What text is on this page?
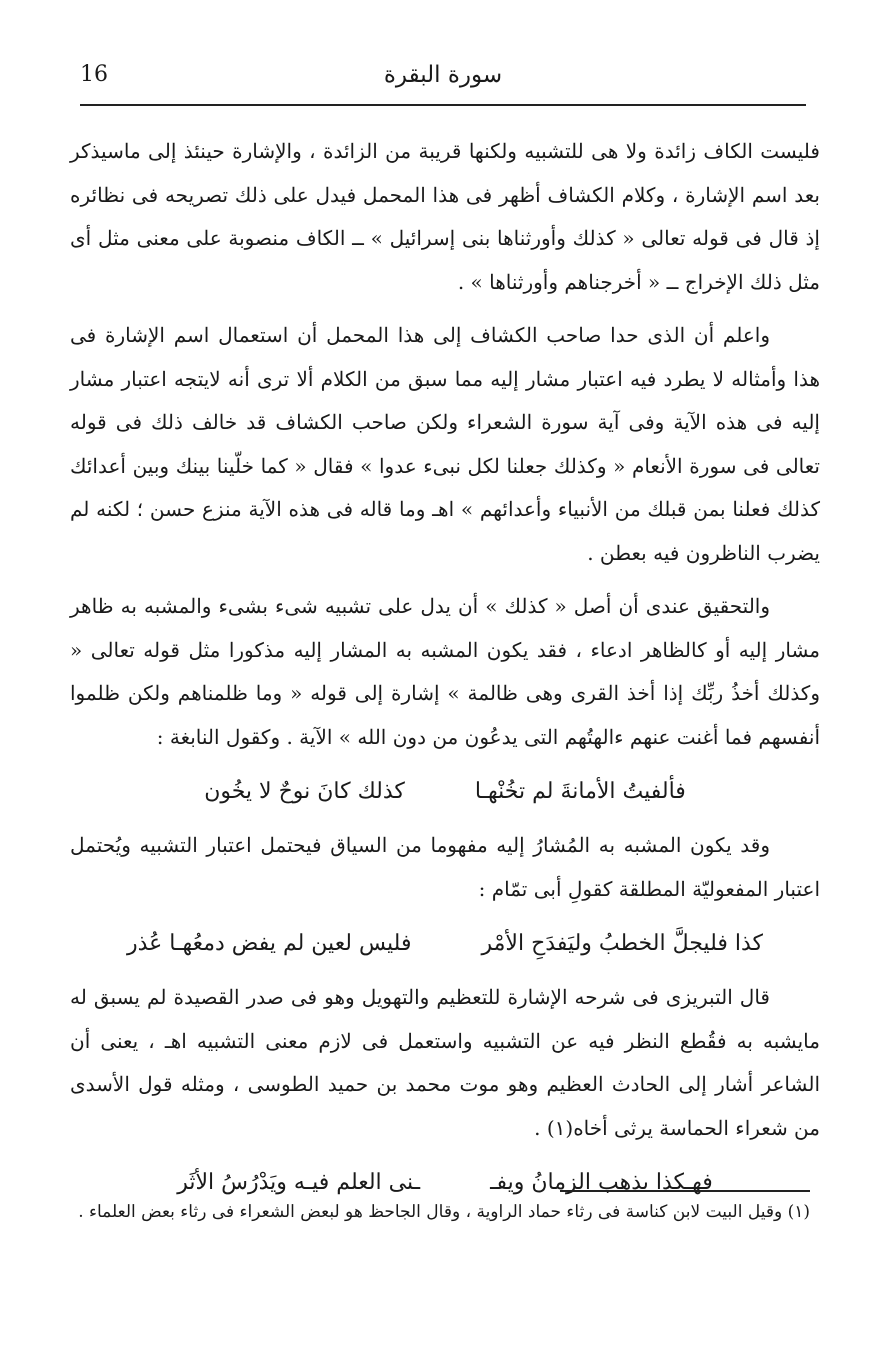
16	سورة البقرة

فليست الكاف زائدة ولا هى للتشبيه ولكنها قريبة من الزائدة ، والإشارة حينئذ إلى ماسيذكر بعد اسم الإشارة ، وكلام الكشاف أظهر فى هذا المحمل فيدل على ذلك تصريحه فى نظائره إذ قال فى قوله تعالى « كذلك وأورثناها بنى إسرائيل » ــ الكاف منصوبة على معنى مثل أى مثل ذلك الإخراج ــ « أخرجناهم وأورثناها » .

واعلم أن الذى حدا صاحب الكشاف إلى هذا المحمل أن استعمال اسم الإشارة فى هذا وأمثاله لا يطرد فيه اعتبار مشار إليه مما سبق من الكلام ألا ترى أنه لايتجه اعتبار مشار إليه فى هذه الآية وفى آية سورة الشعراء ولكن صاحب الكشاف قد خالف ذلك فى قوله تعالى فى سورة الأنعام « وكذلك جعلنا لكل نبىء عدوا » فقال « كما خلّينا بينك وبين أعدائك كذلك فعلنا بمن قبلك من الأنبياء وأعدائهم » اهـ وما قاله فى هذه الآية منزع حسن ؛ لكنه لم يضرب الناظرون فيه بعطن .

والتحقيق عندى أن أصل « كذلك » أن يدل على تشبيه شىء بشىء والمشبه به ظاهر مشار إليه أو كالظاهر ادعاء ، فقد يكون المشبه به المشار إليه مذكورا مثل قوله تعالى « وكذلك أخذُ ربِّك إذا أخذ القرى وهى ظالمة » إشارة إلى قوله « وما ظلمناهم ولكن ظلموا أنفسهم فما أغنت عنهم ءالهتُهم التى يدعُون من دون الله » الآية . وكقول النابغة :

فألفيتُ الأمانةَ لم تخُنْهـا
كذلك كانَ نوحٌ لا يخُون

وقد يكون المشبه به المُشارُ إليه مفهوما من السياق فيحتمل اعتبار التشبيه ويُحتمل اعتبار المفعوليّة المطلقة كقولِ أبى تمّام :

كذا فليجلَّ الخطبُ وليَفدَحِ الأمْر
فليس لعين لم يفض دمعُهـا عُذر

قال التبريزى فى شرحه الإشارة للتعظيم والتهويل وهو فى صدر القصيدة لم يسبق له مايشبه به فقُطع النظر فيه عن التشبيه واستعمل فى لازم معنى التشبيه اهـ ، يعنى أن الشاعر أشار إلى الحادث العظيم وهو موت محمد بن حميد الطوسى ، ومثله قول الأسدى من شعراء الحماسة يرثى أخاه(١) .

فهـكذا يذهب الزمانُ ويفـ
ـنى العلم فيـه ويَدْرُسُ الأثَر

(١) وقيل البيت لابن كناسة فى رثاء حماد الراوية ، وقال الجاحظ هو لبعض الشعراء فى رثاء بعض العلماء .
